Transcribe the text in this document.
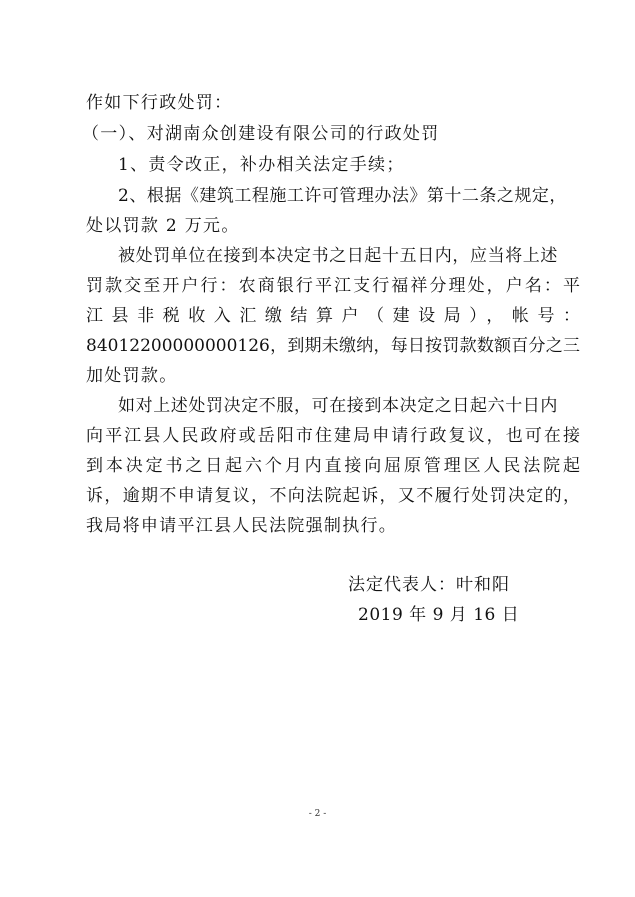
作如下行政处罚：
（一）、对湖南众创建设有限公司的行政处罚
1、责令改正，补办相关法定手续；
2、根据《建筑工程施工许可管理办法》第十二条之规定，
处以罚款 2 万元。
被处罚单位在接到本决定书之日起十五日内，应当将上述
罚款交至开户行：农商银行平江支行福祥分理处，户名：平
江县非税收入汇缴结算户（建设局），帐号：
84012200000000126，到期未缴纳，每日按罚款数额百分之三
加处罚款。
如对上述处罚决定不服，可在接到本决定之日起六十日内
向平江县人民政府或岳阳市住建局申请行政复议，也可在接
到本决定书之日起六个月内直接向屈原管理区人民法院起
诉，逾期不申请复议，不向法院起诉，又不履行处罚决定的，
我局将申请平江县人民法院强制执行。
法定代表人：叶和阳
2019 年 9 月 16 日
- 2 -
